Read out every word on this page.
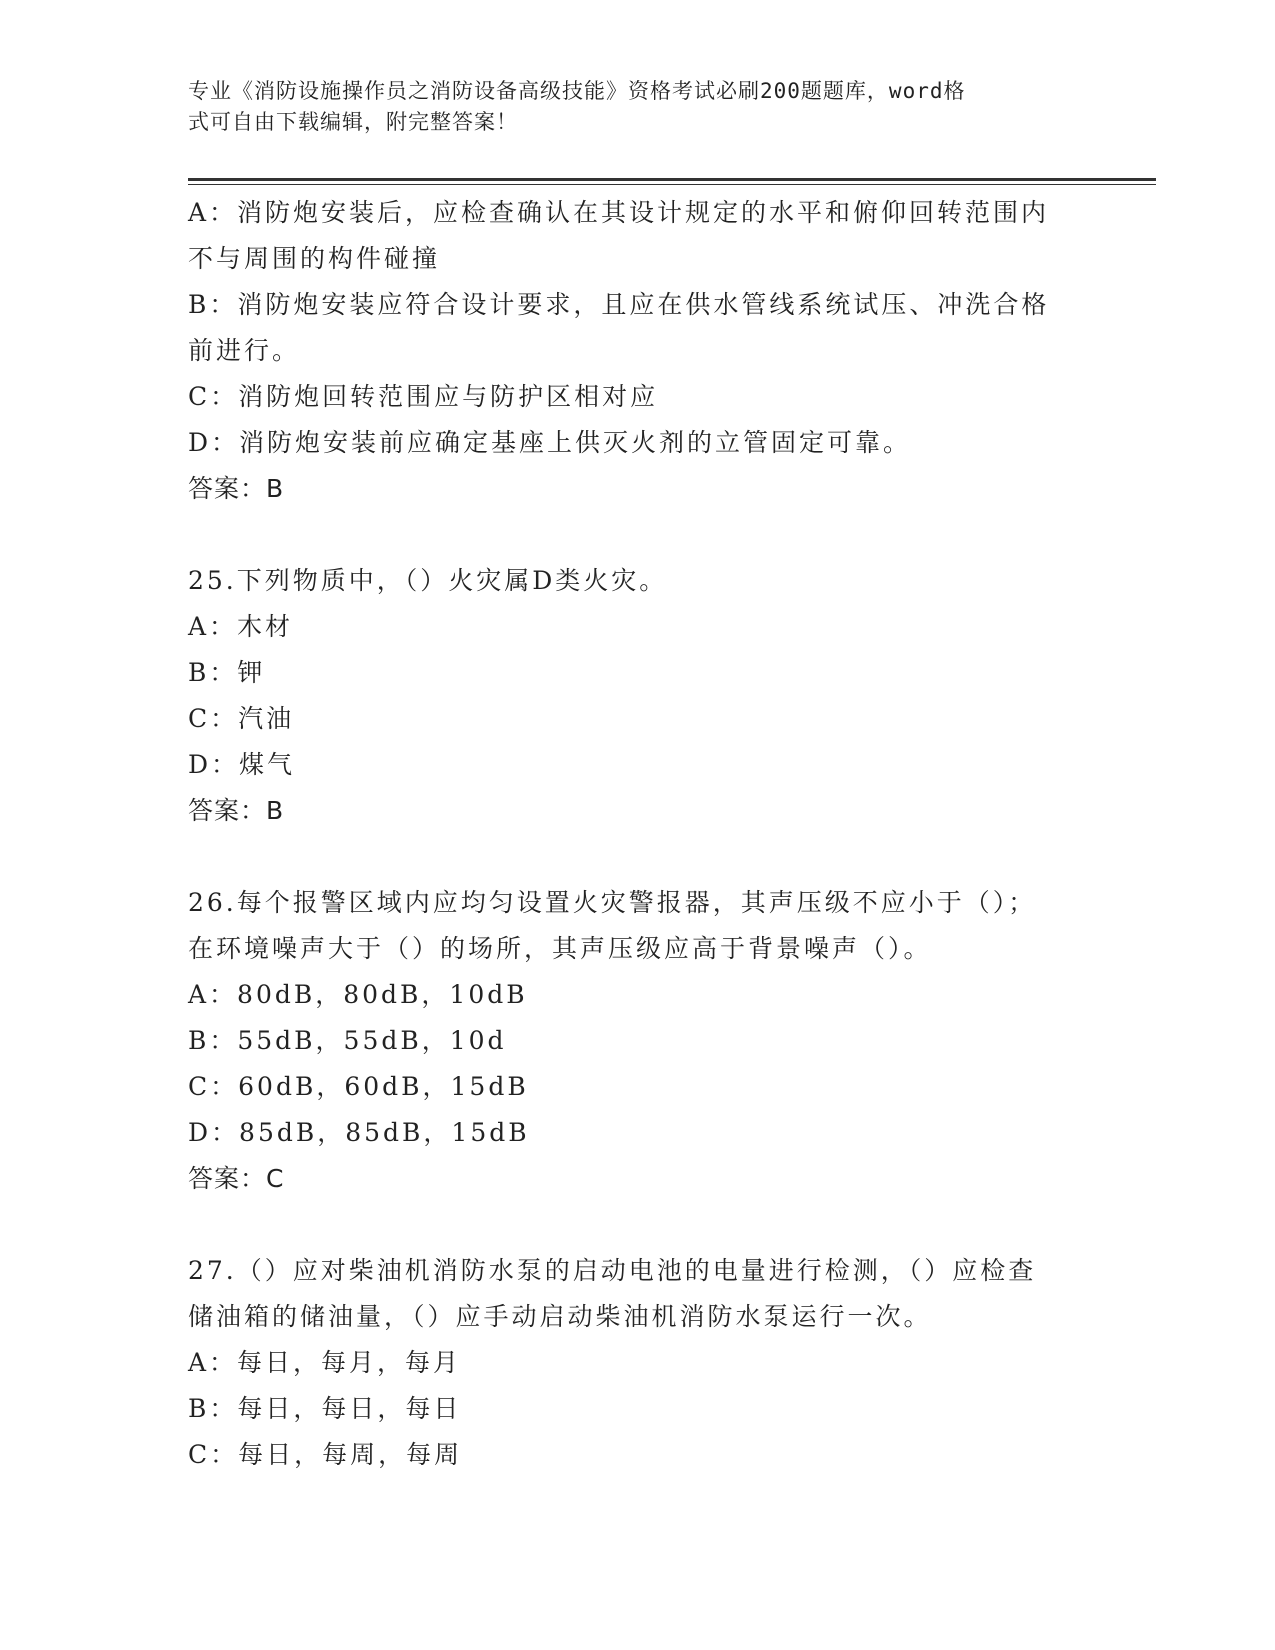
专业《消防设施操作员之消防设备高级技能》资格考试必刷200题题库，word格
式可自由下载编辑，附完整答案！
A：消防炮安装后，应检查确认在其设计规定的水平和俯仰回转范围内
不与周围的构件碰撞
B：消防炮安装应符合设计要求，且应在供水管线系统试压、冲洗合格
前进行。
C：消防炮回转范围应与防护区相对应
D：消防炮安装前应确定基座上供灭火剂的立管固定可靠。
答案：B
25.下列物质中，（）火灾属D类火灾。
A：木材
B：钾
C：汽油
D：煤气
答案：B
26.每个报警区域内应均匀设置火灾警报器，其声压级不应小于（）；
在环境噪声大于（）的场所，其声压级应高于背景噪声（）。
A：80dB，80dB，10dB
B：55dB，55dB，10d
C：60dB，60dB，15dB
D：85dB，85dB，15dB
答案：C
27.（）应对柴油机消防水泵的启动电池的电量进行检测，（）应检查
储油箱的储油量，（）应手动启动柴油机消防水泵运行一次。
A：每日，每月，每月
B：每日，每日，每日
C：每日，每周，每周
